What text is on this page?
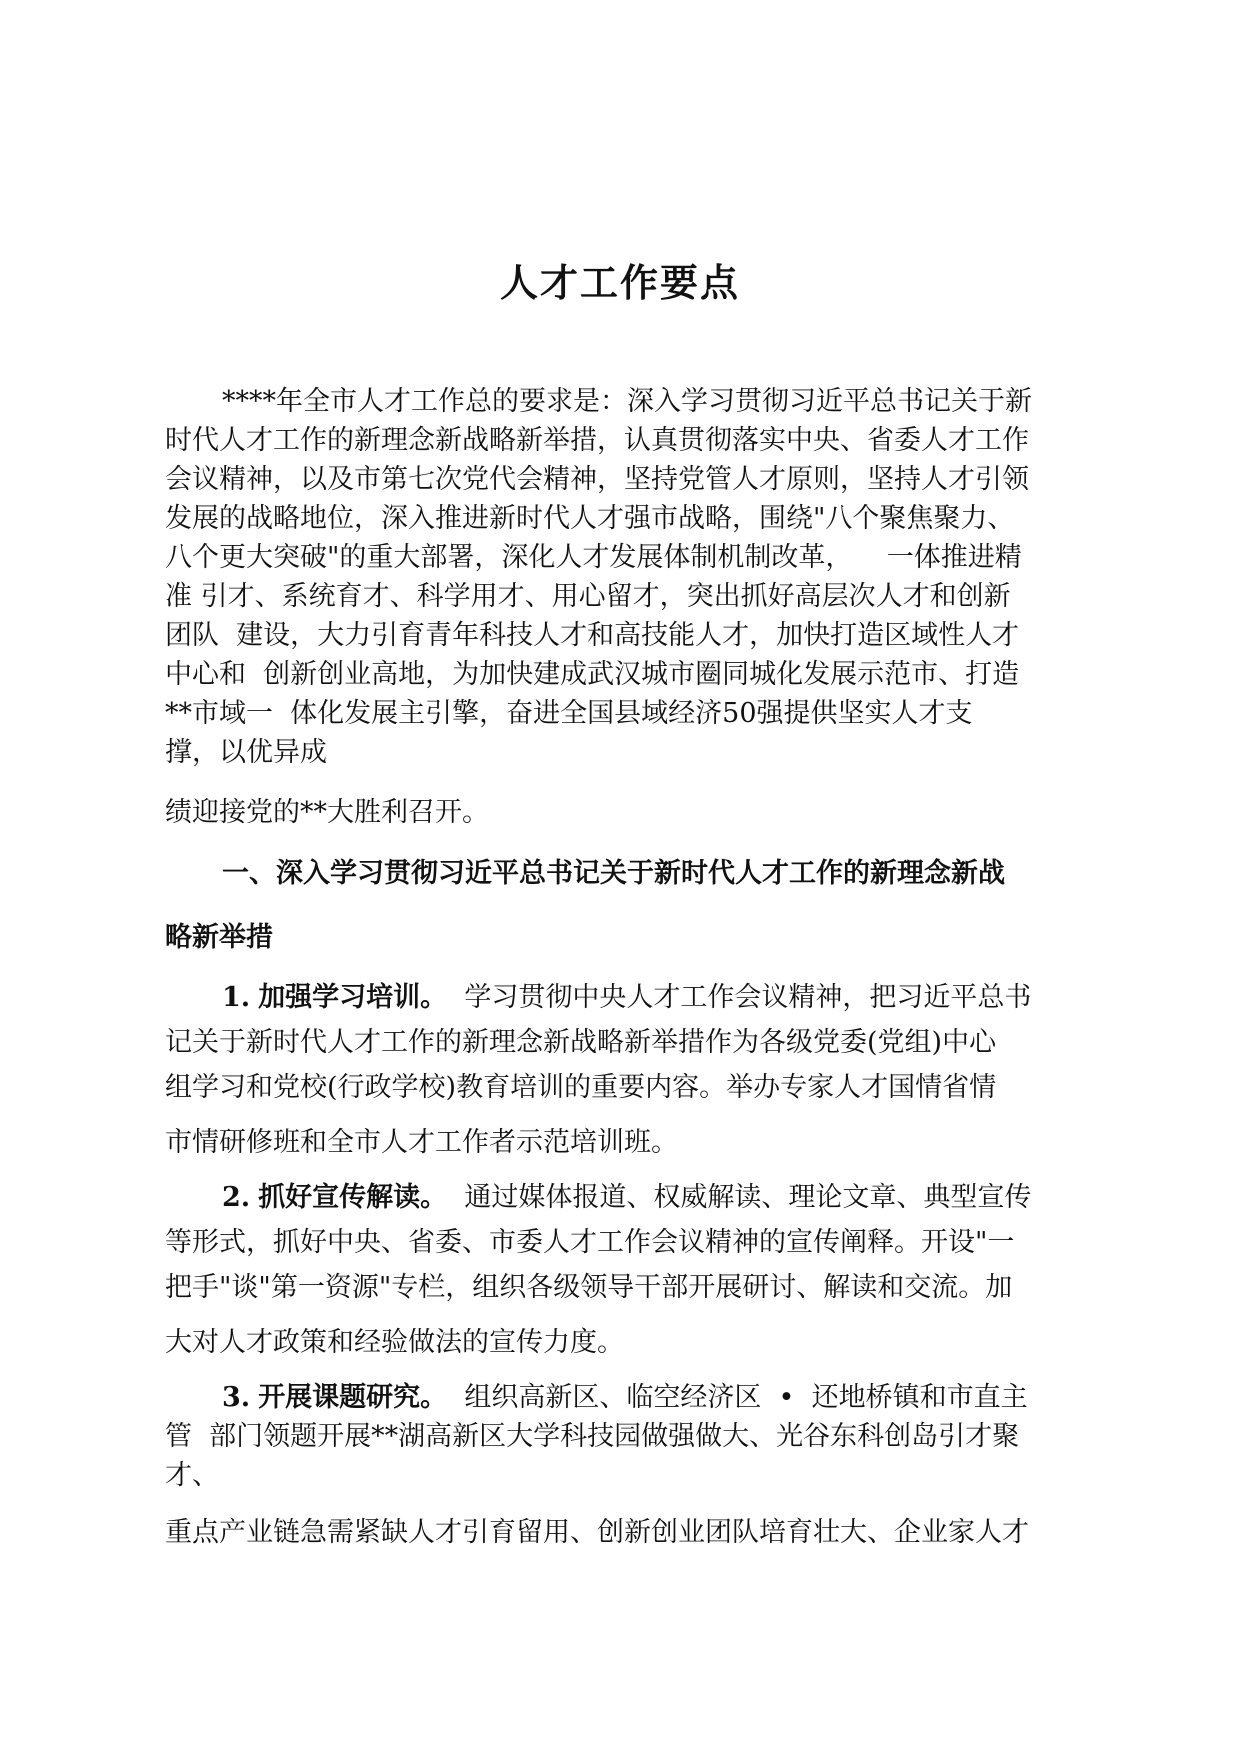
人才工作要点

****年全市人才工作总的要求是：深入学习贯彻习近平总书记关于新

时代人才工作的新理念新战略新举措，认真贯彻落实中央、省委人才工作

会议精神，以及市第七次党代会精神，坚持党管人才原则，坚持人才引领

发展的战略地位，深入推进新时代人才强市战略，围绕"八个聚焦聚力、

八个更大突破"的重大部署，深化人才发展体制机制改革，    一体推进精

准 引才、系统育才、科学用才、用心留才，突出抓好高层次人才和创新

团队  建设，大力引育青年科技人才和高技能人才，加快打造区域性人才

中心和  创新创业高地，为加快建成武汉城市圈同城化发展示范市、打造

**市域一  体化发展主引擎，奋进全国县域经济50强提供坚实人才支

撑，以优异成

绩迎接党的**大胜利召开。

一、深入学习贯彻习近平总书记关于新时代人才工作的新理念新战

略新举措

1. 加强学习培训。  学习贯彻中央人才工作会议精神，把习近平总书

记关于新时代人才工作的新理念新战略新举措作为各级党委(党组)中心

组学习和党校(行政学校)教育培训的重要内容。举办专家人才国情省情

市情研修班和全市人才工作者示范培训班。

2. 抓好宣传解读。  通过媒体报道、权威解读、理论文章、典型宣传

等形式，抓好中央、省委、市委人才工作会议精神的宣传阐释。开设"一

把手"谈"第一资源"专栏，组织各级领导干部开展研讨、解读和交流。加

大对人才政策和经验做法的宣传力度。

3. 开展课题研究。  组织高新区、临空经济区  •  还地桥镇和市直主

管  部门领题开展**湖高新区大学科技园做强做大、光谷东科创岛引才聚

才、

重点产业链急需紧缺人才引育留用、创新创业团队培育壮大、企业家人才
